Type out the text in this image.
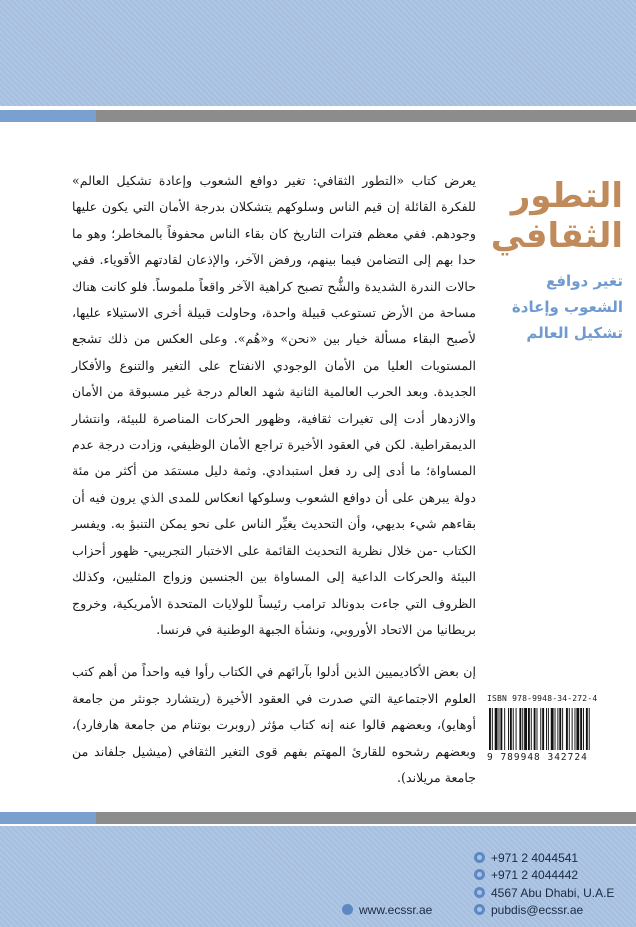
التطور
الثقافي
تغير دوافع
الشعوب وإعادة
تشكيل العالم

يعرض كتاب «التطور الثقافي: تغير دوافع الشعوب وإعادة تشكيل العالم» للفكرة القائلة إن قيم الناس وسلوكهم يتشكلان بدرجة الأمان التي يكون عليها وجودهم. ففي معظم فترات التاريخ كان بقاء الناس محفوفاً بالمخاطر؛ وهو ما حدا بهم إلى التضامن فيما بينهم، ورفض الآخر، والإذعان لقادتهم الأقوياء. ففي حالات الندرة الشديدة والشُّح تصبح كراهية الآخر واقعاً ملموساً. فلو كانت هناك مساحة من الأرض تستوعب قبيلة واحدة، وحاولت قبيلة أخرى الاستيلاء عليها، لأصبح البقاء مسألة خيار بين «نحن» و«هُم». وعلى العكس من ذلك تشجع المستويات العليا من الأمان الوجودي الانفتاح على التغير والتنوع والأفكار الجديدة. وبعد الحرب العالمية الثانية شهد العالم درجة غير مسبوقة من الأمان والازدهار أدت إلى تغيرات ثقافية، وظهور الحركات المناصرة للبيئة، وانتشار الديمقراطية. لكن في العقود الأخيرة تراجع الأمان الوظيفي، وزادت درجة عدم المساواة؛ ما أدى إلى رد فعل استبدادي. وثمة دليل مستمَد من أكثر من مئة دولة يبرهن على أن دوافع الشعوب وسلوكها انعكاس للمدى الذي يرون فيه أن بقاءهم شيء بديهي، وأن التحديث يغيِّر الناس على نحو يمكن التنبؤ به. ويفسر الكتاب -من خلال نظرية التحديث القائمة على الاختبار التجريبي- ظهور أحزاب البيئة والحركات الداعية إلى المساواة بين الجنسين وزواج المثليين، وكذلك الظروف التي جاءت بدونالد ترامب رئيساً للولايات المتحدة الأمريكية، وخروج بريطانيا من الاتحاد الأوروبي، ونشأة الجبهة الوطنية في فرنسا.

إن بعض الأكاديميين الذين أدلوا بآرائهم في الكتاب رأوا فيه واحداً من أهم كتب العلوم الاجتماعية التي صدرت في العقود الأخيرة (ريتشارد جونثر من جامعة أوهايو)، وبعضهم قالوا عنه إنه كتاب مؤثر (روبرت بوتنام من جامعة هارفارد)، وبعضهم رشحوه للقارئ المهتم بفهم قوى التغير الثقافي (ميشيل جلفاند من جامعة مريلاند).

ISBN 978-9948-34-272-4
9 789948 342724
+971 2 4044541
+971 2 4044442
4567 Abu Dhabi, U.A.E
pubdis@ecssr.ae
www.ecssr.ae
